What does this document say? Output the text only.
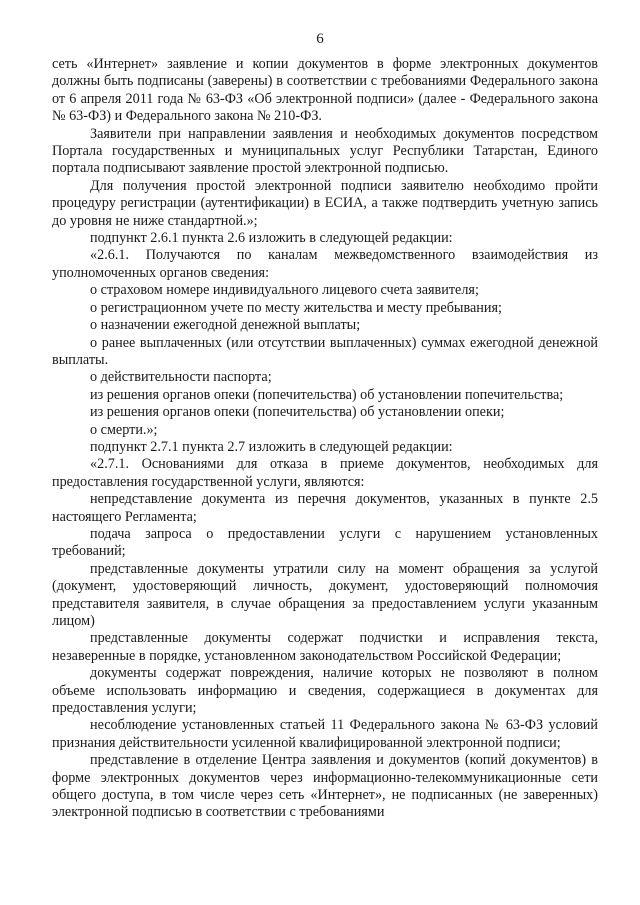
6

сеть «Интернет» заявление и копии документов в форме электронных документов должны быть подписаны (заверены) в соответствии с требованиями Федерального закона от 6 апреля 2011 года № 63-ФЗ «Об электронной подписи» (далее - Федерального закона № 63-ФЗ) и Федерального закона № 210-ФЗ.

Заявители при направлении заявления и необходимых документов посредством Портала государственных и муниципальных услуг Республики Татарстан, Единого портала подписывают заявление простой электронной подписью.

Для получения простой электронной подписи заявителю необходимо пройти процедуру регистрации (аутентификации) в ЕСИА, а также подтвердить учетную запись до уровня не ниже стандартной.»;

подпункт 2.6.1 пункта 2.6 изложить в следующей редакции:

«2.6.1. Получаются по каналам межведомственного взаимодействия из уполномоченных органов сведения:

о страховом номере индивидуального лицевого счета заявителя;

о регистрационном учете по месту жительства и месту пребывания;

о назначении ежегодной денежной выплаты;

о ранее выплаченных (или отсутствии выплаченных) суммах ежегодной денежной выплаты.

о действительности паспорта;

из решения органов опеки (попечительства) об установлении попечительства;

из решения органов опеки (попечительства) об установлении опеки;

о смерти.»;

подпункт 2.7.1 пункта 2.7 изложить в следующей редакции:

«2.7.1. Основаниями для отказа в приеме документов, необходимых для предоставления государственной услуги, являются:

непредставление документа из перечня документов, указанных в пункте 2.5 настоящего Регламента;

подача запроса о предоставлении услуги с нарушением установленных требований;

представленные документы утратили силу на момент обращения за услугой (документ, удостоверяющий личность, документ, удостоверяющий полномочия представителя заявителя, в случае обращения за предоставлением услуги указанным лицом)

представленные документы содержат подчистки и исправления текста, незаверенные в порядке, установленном законодательством Российской Федерации;

документы содержат повреждения, наличие которых не позволяют в полном объеме использовать информацию и сведения, содержащиеся в документах для предоставления услуги;

несоблюдение установленных статьей 11 Федерального закона № 63-ФЗ условий признания действительности усиленной квалифицированной электронной подписи;

представление в отделение Центра заявления и документов (копий документов) в форме электронных документов через информационно-телекоммуникационные сети общего доступа, в том числе через сеть «Интернет», не подписанных (не заверенных) электронной подписью в соответствии с требованиями
